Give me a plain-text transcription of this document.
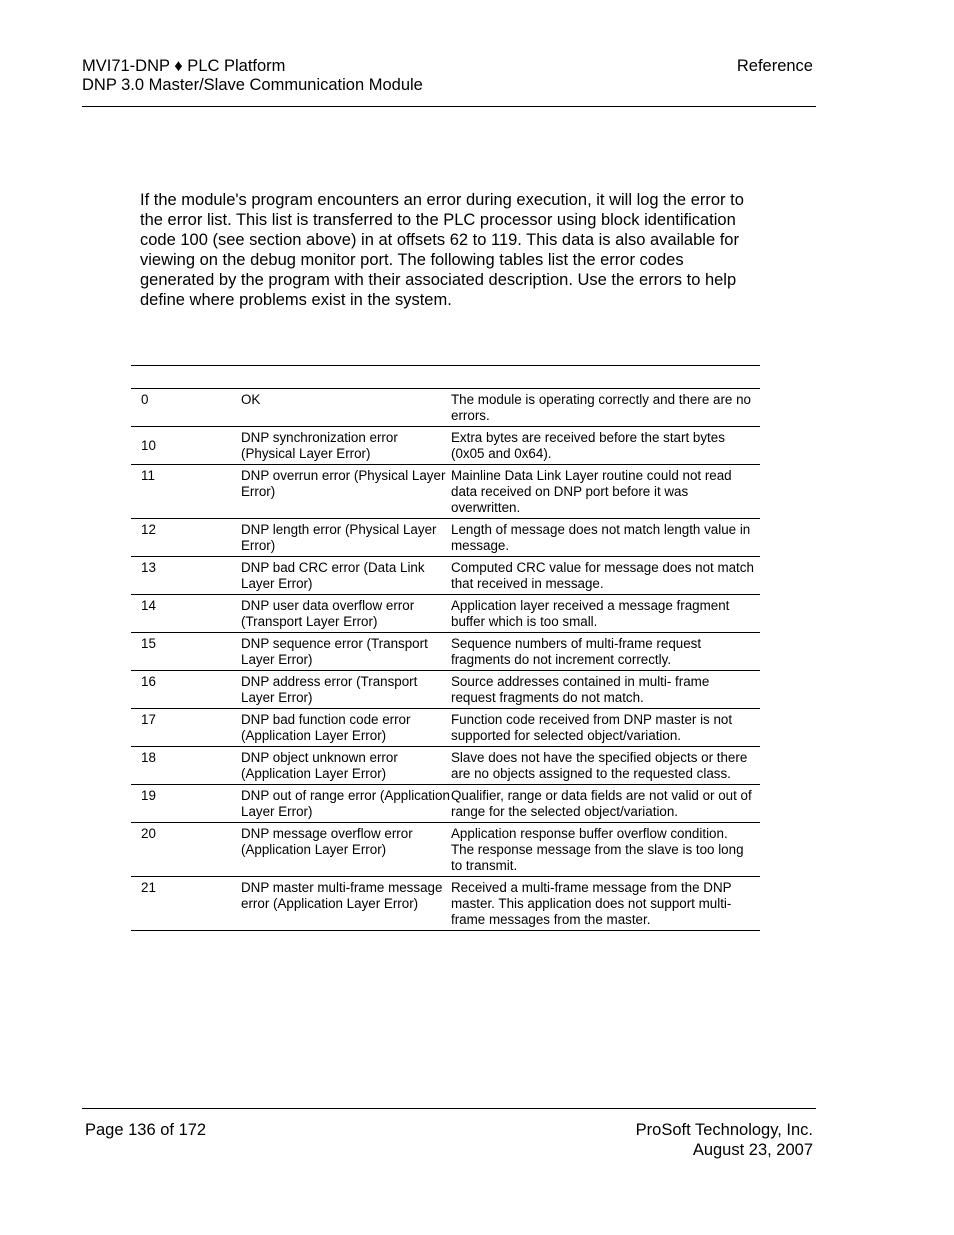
MVI71-DNP ♦ PLC Platform
DNP 3.0 Master/Slave Communication Module
Reference
If the module's program encounters an error during execution, it will log the error to the error list. This list is transferred to the PLC processor using block identification code 100 (see section above) in at offsets 62 to 119. This data is also available for viewing on the debug monitor port. The following tables list the error codes generated by the program with their associated description. Use the errors to help define where problems exist in the system.

0	OK	The module is operating correctly and there are no errors.
10	DNP synchronization error (Physical Layer Error)	Extra bytes are received before the start bytes (0x05 and 0x64).
11	DNP overrun error (Physical Layer Error)	Mainline Data Link Layer routine could not read data received on DNP port before it was overwritten.
12	DNP length error (Physical Layer Error)	Length of message does not match length value in message.
13	DNP bad CRC error (Data Link Layer Error)	Computed CRC value for message does not match that received in message.
14	DNP user data overflow error (Transport Layer Error)	Application layer received a message fragment buffer which is too small.
15	DNP sequence error (Transport Layer Error)	Sequence numbers of multi-frame request fragments do not increment correctly.
16	DNP address error (Transport Layer Error)	Source addresses contained in multi- frame request fragments do not match.
17	DNP bad function code error (Application Layer Error)	Function code received from DNP master is not supported for selected object/variation.
18	DNP object unknown error (Application Layer Error)	Slave does not have the specified objects or there are no objects assigned to the requested class.
19	DNP out of range error (Application Layer Error)	Qualifier, range or data fields are not valid or out of range for the selected object/variation.
20	DNP message overflow error (Application Layer Error)	Application response buffer overflow condition. The response message from the slave is too long to transmit.
21	DNP master multi-frame message error (Application Layer Error)	Received a multi-frame message from the DNP master. This application does not support multi-frame messages from the master.
Page 136 of 172	ProSoft Technology, Inc.
August 23, 2007
